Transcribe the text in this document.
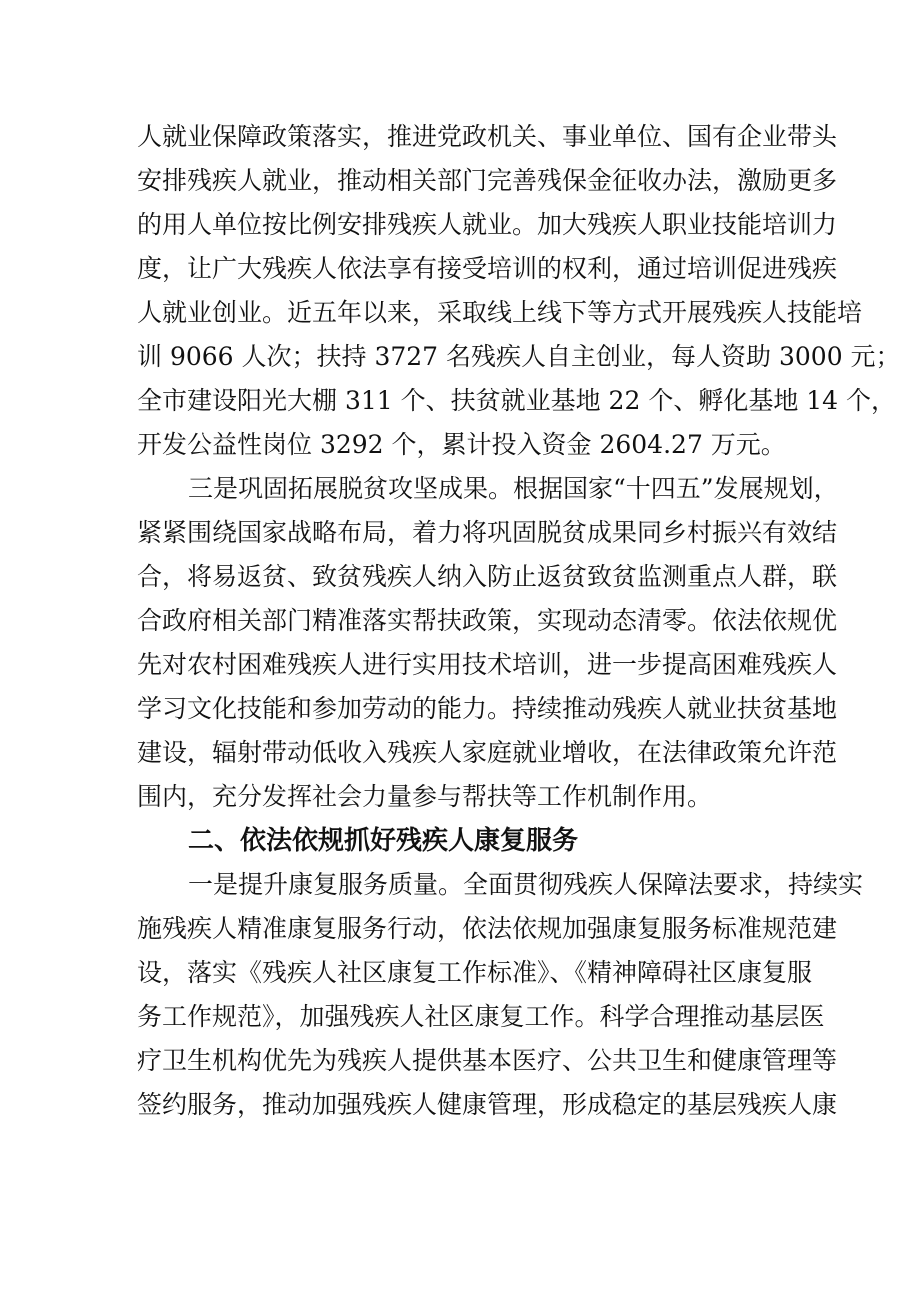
人就业保障政策落实，推进党政机关、事业单位、国有企业带头
安排残疾人就业，推动相关部门完善残保金征收办法，激励更多
的用人单位按比例安排残疾人就业。加大残疾人职业技能培训力
度，让广大残疾人依法享有接受培训的权利，通过培训促进残疾
人就业创业。近五年以来，采取线上线下等方式开展残疾人技能培
训 9066 人次；扶持 3727 名残疾人自主创业，每人资助 3000 元；
全市建设阳光大棚 311 个、扶贫就业基地 22 个、孵化基地 14 个，
开发公益性岗位 3292 个，累计投入资金 2604.27 万元。
三是巩固拓展脱贫攻坚成果。根据国家“十四五”发展规划，
紧紧围绕国家战略布局，着力将巩固脱贫成果同乡村振兴有效结
合，将易返贫、致贫残疾人纳入防止返贫致贫监测重点人群，联
合政府相关部门精准落实帮扶政策，实现动态清零。依法依规优
先对农村困难残疾人进行实用技术培训，进一步提高困难残疾人
学习文化技能和参加劳动的能力。持续推动残疾人就业扶贫基地
建设，辐射带动低收入残疾人家庭就业增收，在法律政策允许范
围内，充分发挥社会力量参与帮扶等工作机制作用。
二、依法依规抓好残疾人康复服务
一是提升康复服务质量。全面贯彻残疾人保障法要求，持续实
施残疾人精准康复服务行动，依法依规加强康复服务标准规范建
设，落实《残疾人社区康复工作标准》、《精神障碍社区康复服
务工作规范》，加强残疾人社区康复工作。科学合理推动基层医
疗卫生机构优先为残疾人提供基本医疗、公共卫生和健康管理等
签约服务，推动加强残疾人健康管理，形成稳定的基层残疾人康
